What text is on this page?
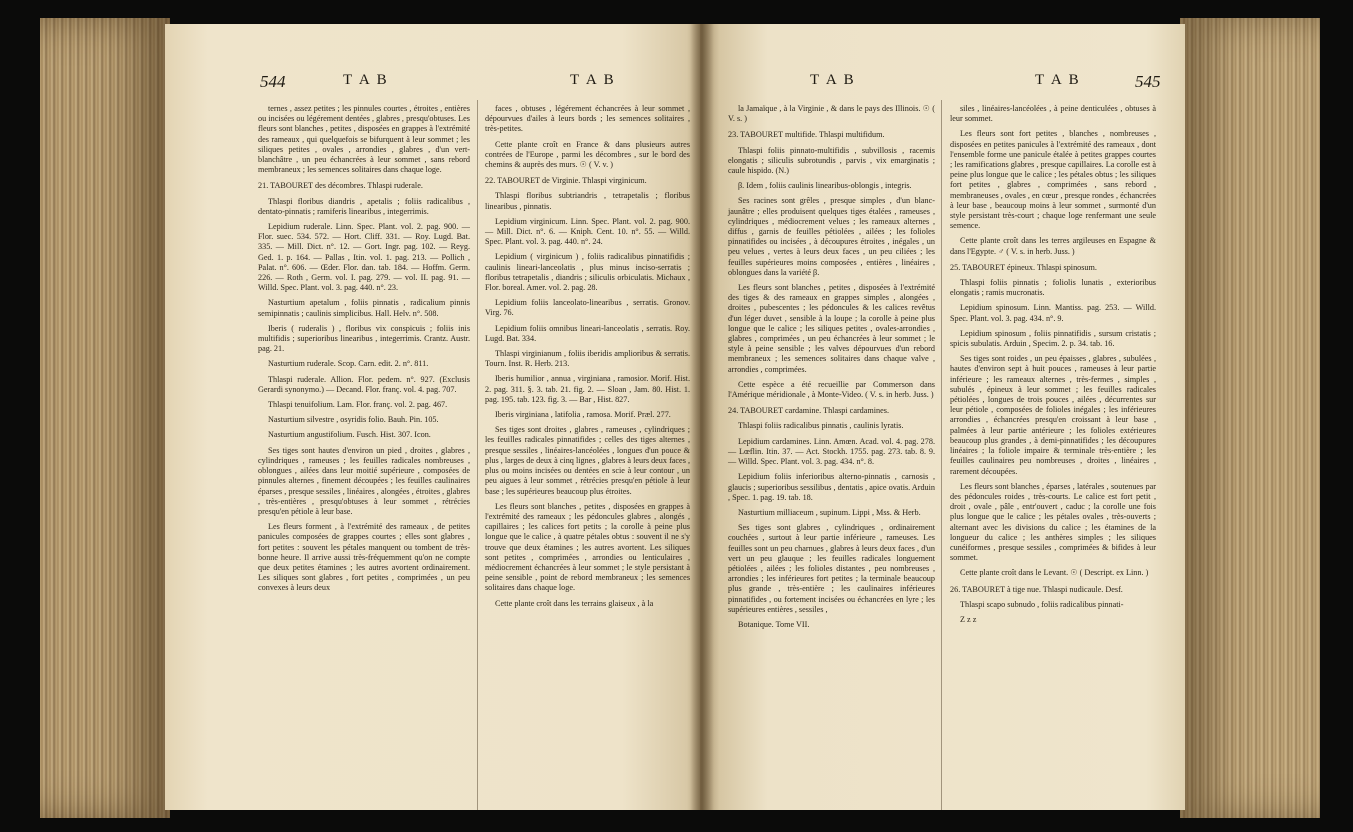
544	T A B	T A B

ternes , assez petites ; les pinnules courtes , étroites , entières ou incisées ou légérement dentées , glabres , presqu'obtuses. Les fleurs sont blanches , petites , disposées en grappes à l'extrémité des rameaux , qui quelquefois se bifurquent à leur sommet ; les siliques petites , ovales , arrondies , glabres , d'un vert-blanchâtre , un peu échancrées à leur sommet , sans rebord membraneux ; les semences solitaires dans chaque loge.

21. TABOURET des décombres. Thlaspi ruderale.

Thlaspi floribus diandris , apetalis ; foliis radicalibus , dentato-pinnatis ; ramiferis linearibus , integerrimis.

Lepidium ruderale. Linn. Spec. Plant. vol. 2. pag. 900. — Flor. suec. 534. 572. — Hort. Cliff. 331. — Roy. Lugd. Bat. 335. — Mill. Dict. n°. 12. — Gort. Ingr. pag. 102. — Reyg. Ged. 1. p. 164. — Pallas , Itin. vol. 1. pag. 213. — Pollich , Palat. n°. 606. — Œder. Flor. dan. tab. 184. — Hoffm. Germ. 226. — Roth , Germ. vol. I. pag. 279. — vol. II. pag. 91. — Willd. Spec. Plant. vol. 3. pag. 440. n°. 23.

Nasturtium apetalum , foliis pinnatis , radicalium pinnis semipinnatis ; caulinis simplicibus. Hall. Helv. n°. 508.

Iberis ( ruderalis ) , floribus vix conspicuis ; foliis inis multifidis ; superioribus linearibus , integerrimis. Crantz. Austr. pag. 21.

Nasturtium ruderale. Scop. Carn. edit. 2. n°. 811.

Thlaspi ruderale. Allion. Flor. pedem. n°. 927. (Exclusis Gerardi synonymo.) — Decand. Flor. franç. vol. 4. pag. 707.

Thlaspi tenuifolium. Lam. Flor. franç. vol. 2. pag. 467.

Nasturtium silvestre , osyridis folio. Bauh. Pin. 105.

Nasturtium angustifolium. Fusch. Hist. 307. Icon.

Ses tiges sont hautes d'environ un pied , droites , glabres , cylindriques , rameuses ; les feuilles radicales nombreuses , oblongues , ailées dans leur moitié supérieure , composées de pinnules alternes , finement découpées ; les feuilles caulinaires éparses , presque sessiles , linéaires , alongées , étroites , glabres , très-entières , presqu'obtuses à leur sommet , rétrécies presqu'en pétiole à leur base.

Les fleurs forment , à l'extrémité des rameaux , de petites panicules composées de grappes courtes ; elles sont glabres , fort petites : souvent les pétales manquent ou tombent de très-bonne heure. Il arrive aussi très-fréquemment qu'on ne compte que deux petites étamines ; les autres avortent ordinairement. Les siliques sont glabres , fort petites , comprimées , un peu convexes à leurs deux

faces , obtuses , légérement échancrées à leur sommet , dépourvues d'ailes à leurs bords ; les semences solitaires , très-petites.

Cette plante croît en France & dans plusieurs autres contrées de l'Europe , parmi les décombres , sur le bord des chemins & auprès des murs. ☉ ( V. v. )

22. TABOURET de Virginie. Thlaspi virginicum.

Thlaspi floribus subtriandris , tetrapetalis ; floribus linearibus , pinnatis.

Lepidium virginicum. Linn. Spec. Plant. vol. 2. pag. 900. — Mill. Dict. n°. 6. — Kniph. Cent. 10. n°. 55. — Willd. Spec. Plant. vol. 3. pag. 440. n°. 24.

Lepidium ( virginicum ) , foliis radicalibus pinnatifidis ; caulinis lineari-lanceolatis , plus minus inciso-serratis ; floribus tetrapetalis , diandris ; siliculis orbiculatis. Michaux , Flor. boreal. Amer. vol. 2. pag. 28.

Lepidium foliis lanceolato-linearibus , serratis. Gronov. Virg. 76.

Lepidium foliis omnibus lineari-lanceolatis , serratis. Roy. Lugd. Bat. 334.

Thlaspi virginianum , foliis iberidis amplioribus & serratis. Tourn. Inst. R. Herb. 213.

Iberis humilior , annua , virginiana , ramosior. Morif. Hist. 2. pag. 311. §. 3. tab. 21. fig. 2. — Sloan , Jam. 80. Hist. 1. pag. 195. tab. 123. fig. 3. — Bar , Hist. 827.

Iberis virginiana , latifolia , ramosa. Morif. Præl. 277.

Ses tiges sont droites , glabres , rameuses , cylindriques ; les feuilles radicales pinnatifides ; celles des tiges alternes , presque sessiles , linéaires-lancéolées , longues d'un pouce & plus , larges de deux à cinq lignes , glabres à leurs deux faces , plus ou moins incisées ou dentées en scie à leur contour , un peu aigues à leur sommet , rétrécies presqu'en pétiole à leur base ; les supérieures beaucoup plus étroites.

Les fleurs sont blanches , petites , disposées en grappes à l'extrémité des rameaux ; les pédoncules glabres , alongés , capillaires ; les calices fort petits ; la corolle à peine plus longue que le calice , à quatre pétales obtus : souvent il ne s'y trouve que deux étamines ; les autres avortent. Les siliques sont petites , comprimées , arrondies ou lenticulaires , médiocrement échancrées à leur sommet ; le style persistant à peine sensible , point de rebord membraneux ; les semences solitaires dans chaque loge.

Cette plante croît dans les terrains glaiseux , à la

T A B	T A B	545

la Jamaïque , à la Virginie , & dans le pays des Illinois. ☉ ( V. s. )

23. TABOURET multifide. Thlaspi multifidum.

Thlaspi foliis pinnato-multifidis , subvillosis , racemis elongatis ; siliculis subrotundis , parvis , vix emarginatis ; caule hispido. (N.)

β. Idem , foliis caulinis linearibus-oblongis , integris.

Ses racines sont grêles , presque simples , d'un blanc-jaunâtre ; elles produisent quelques tiges étalées , rameuses , cylindriques , médiocrement velues ; les rameaux alternes , diffus , garnis de feuilles pétiolées , ailées ; les folioles pinnatifides ou incisées , à découpures étroites , inégales , un peu velues , vertes à leurs deux faces , un peu ciliées ; les feuilles supérieures moins composées , entières , linéaires , oblongues dans la variété β.

Les fleurs sont blanches , petites , disposées à l'extrémité des tiges & des rameaux en grappes simples , alongées , droites , pubescentes ; les pédoncules & les calices revêtus d'un léger duvet , sensible à la loupe ; la corolle à peine plus longue que le calice ; les siliques petites , ovales-arrondies , glabres , comprimées , un peu échancrées à leur sommet ; le style à peine sensible ; les valves dépourvues d'un rebord membraneux ; les semences solitaires dans chaque valve , arrondies , comprimées.

Cette espèce a été recueillie par Commerson dans l'Amérique méridionale , à Monte-Video. ( V. s. in herb. Juss. )

24. TABOURET cardamine. Thlaspi cardamines.

Thlaspi foliis radicalibus pinnatis , caulinis lyratis.

Lepidium cardamines. Linn. Amœn. Acad. vol. 4. pag. 278. — Lœflin. Itin. 37. — Act. Stockh. 1755. pag. 273. tab. 8. 9. — Willd. Spec. Plant. vol. 3. pag. 434. n°. 8.

Lepidium foliis inferioribus alterno-pinnatis , carnosis , glaucis ; superioribus sessilibus , dentatis , apice ovatis. Arduin , Spec. 1. pag. 19. tab. 18.

Nasturtium milliaceum , supinum. Lippi , Mss. & Herb.

Ses tiges sont glabres , cylindriques , ordinairement couchées , surtout à leur partie inférieure , rameuses. Les feuilles sont un peu charnues , glabres à leurs deux faces , d'un vert un peu glauque ; les feuilles radicales longuement pétiolées , ailées ; les folioles distantes , peu nombreuses , arrondies ; les inférieures fort petites ; la terminale beaucoup plus grande , très-entière ; les caulinaires inférieures pinnatifides , ou fortement incisées ou échancrées en lyre ; les supérieures entières , sessiles ,

Botanique. Tome VII.

siles , linéaires-lancéolées , à peine denticulées , obtuses à leur sommet.

Les fleurs sont fort petites , blanches , nombreuses , disposées en petites panicules à l'extrémité des rameaux , dont l'ensemble forme une panicule étalée à petites grappes courtes ; les ramifications glabres , presque capillaires. La corolle est à peine plus longue que le calice ; les pétales obtus ; les siliques fort petites , glabres , comprimées , sans rebord , membraneuses , ovales , en cœur , presque rondes , échancrées à leur base , beaucoup moins à leur sommet , surmonté d'un style persistant très-court ; chaque loge renfermant une seule semence.

Cette plante croît dans les terres argileuses en Espagne & dans l'Egypte. ♂ ( V. s. in herb. Juss. )

25. TABOURET épineux. Thlaspi spinosum.

Thlaspi foliis pinnatis ; foliolis lunatis , exterioribus elongatis ; ramis mucronatis.

Lepidium spinosum. Linn. Mantiss. pag. 253. — Willd. Spec. Plant. vol. 3. pag. 434. n°. 9.

Lepidium spinosum , foliis pinnatifidis , sursum cristatis ; spicis subulatis. Arduin , Specim. 2. p. 34. tab. 16.

Ses tiges sont roides , un peu épaisses , glabres , subulées , hautes d'environ sept à huit pouces , rameuses à leur partie inférieure ; les rameaux alternes , très-fermes , simples , subulés , épineux à leur sommet ; les feuilles radicales pétiolées , longues de trois pouces , ailées , décurrentes sur leur pétiole , composées de folioles inégales ; les inférieures arrondies , échancrées presqu'en croissant à leur base , palmées à leur partie antérieure ; les folioles extérieures beaucoup plus grandes , à demi-pinnatifides ; les découpures linéaires ; la foliole impaire & terminale très-entière ; les feuilles caulinaires peu nombreuses , droites , linéaires , rarement découpées.

Les fleurs sont blanches , éparses , latérales , soutenues par des pédoncules roides , très-courts. Le calice est fort petit , droit , ovale , pâle , entr'ouvert , caduc ; la corolle une fois plus longue que le calice ; les pétales ovales , très-ouverts ; alternant avec les divisions du calice ; les étamines de la longueur du calice ; les anthères simples ; les siliques cunéiformes , presque sessiles , comprimées & bifides à leur sommet.

Cette plante croît dans le Levant. ☉ ( Descript. ex Linn. )

26. TABOURET à tige nue. Thlaspi nudicaule. Desf.

Thlaspi scapo subnudo , foliis radicalibus pinnati-

Z z z
